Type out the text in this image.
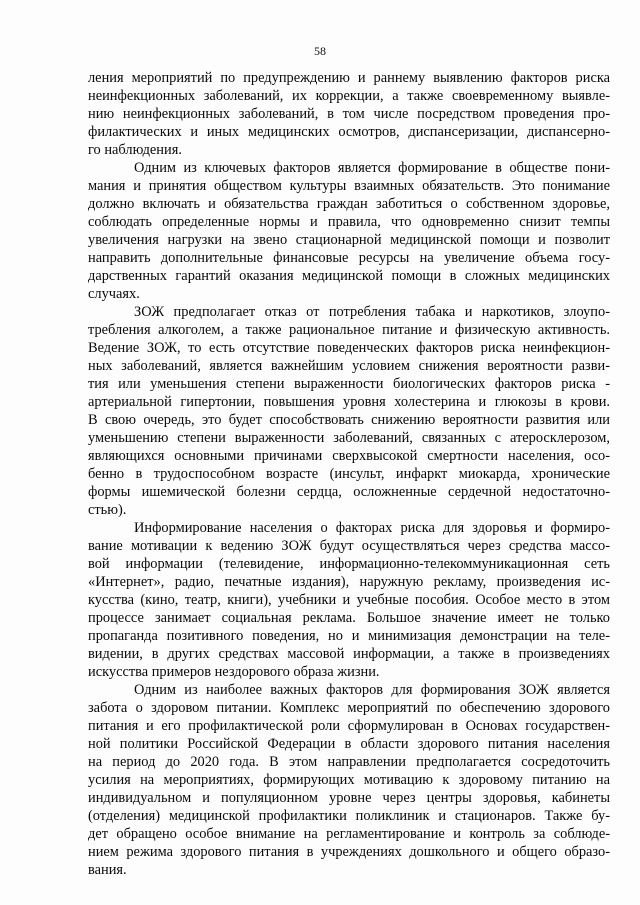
58
ления мероприятий по предупреждению и раннему выявлению факторов риска
неинфекционных заболеваний, их коррекции, а также своевременному выявле-
нию неинфекционных заболеваний, в том числе посредством проведения про-
филактических и иных медицинских осмотров, диспансеризации, диспансерно-
го наблюдения.
Одним из ключевых факторов является формирование в обществе пони-
мания и принятия обществом культуры взаимных обязательств. Это понимание
должно включать и обязательства граждан заботиться о собственном здоровье,
соблюдать определенные нормы и правила, что одновременно снизит темпы
увеличения нагрузки на звено стационарной медицинской помощи и позволит
направить дополнительные финансовые ресурсы на увеличение объема госу-
дарственных гарантий оказания медицинской помощи в сложных медицинских
случаях.
ЗОЖ предполагает отказ от потребления табака и наркотиков, злоупо-
требления алкоголем, а также рациональное питание и физическую активность.
Ведение ЗОЖ, то есть отсутствие поведенческих факторов риска неинфекцион-
ных заболеваний, является важнейшим условием снижения вероятности разви-
тия или уменьшения степени выраженности биологических факторов риска -
артериальной гипертонии, повышения уровня холестерина и глюкозы в крови.
В свою очередь, это будет способствовать снижению вероятности развития или
уменьшению степени выраженности заболеваний, связанных с атеросклерозом,
являющихся основными причинами сверхвысокой смертности населения, осо-
бенно в трудоспособном возрасте (инсульт, инфаркт миокарда, хронические
формы ишемической болезни сердца, осложненные сердечной недостаточно-
стью).
Информирование населения о факторах риска для здоровья и формиро-
вание мотивации к ведению ЗОЖ будут осуществляться через средства массо-
вой информации (телевидение, информационно-телекоммуникационная сеть
«Интернет», радио, печатные издания), наружную рекламу, произведения ис-
кусства (кино, театр, книги), учебники и учебные пособия. Особое место в этом
процессе занимает социальная реклама. Большое значение имеет не только
пропаганда позитивного поведения, но и минимизация демонстрации на теле-
видении, в других средствах массовой информации, а также в произведениях
искусства примеров нездорового образа жизни.
Одним из наиболее важных факторов для формирования ЗОЖ является
забота о здоровом питании. Комплекс мероприятий по обеспечению здорового
питания и его профилактической роли сформулирован в Основах государствен-
ной политики Российской Федерации в области здорового питания населения
на период до 2020 года. В этом направлении предполагается сосредоточить
усилия на мероприятиях, формирующих мотивацию к здоровому питанию на
индивидуальном и популяционном уровне через центры здоровья, кабинеты
(отделения) медицинской профилактики поликлиник и стационаров. Также бу-
дет обращено особое внимание на регламентирование и контроль за соблюде-
нием режима здорового питания в учреждениях дошкольного и общего образо-
вания.
